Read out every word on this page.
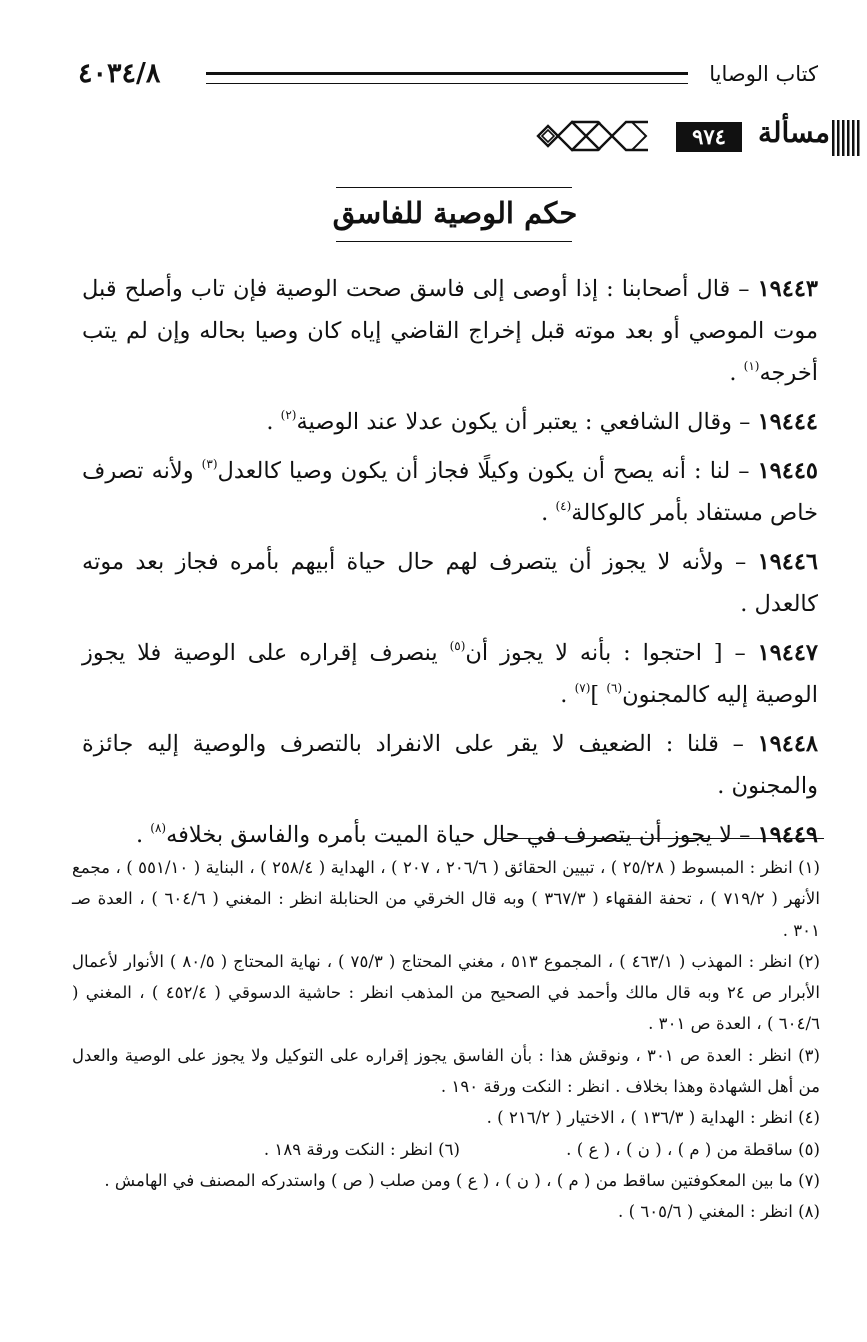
٤٠٣٤/٨	كتاب الوصايا
٩٧٤	مسألة
حكم الوصية للفاسق

١٩٤٤٣ – قال أصحابنا : إذا أوصى إلى فاسق صحت الوصية فإن تاب وأصلح قبل موت الموصي أو بعد موته قبل إخراج القاضي إياه كان وصيا بحاله وإن لم يتب أخرجه$^{(١)}$ .

١٩٤٤٤ – وقال الشافعي : يعتبر أن يكون عدلا عند الوصية$^{(٢)}$ .

١٩٤٤٥ – لنا : أنه يصح أن يكون وكيلًا فجاز أن يكون وصيا كالعدل$^{(٣)}$ ولأنه تصرف خاص مستفاد بأمر كالوكالة$^{(٤)}$ .

١٩٤٤٦ – ولأنه لا يجوز أن يتصرف لهم حال حياة أبيهم بأمره فجاز بعد موته كالعدل .

١٩٤٤٧ – [ احتجوا : بأنه لا يجوز أن$^{(٥)}$ ينصرف إقراره على الوصية فلا يجوز الوصية إليه كالمجنون$^{(٦)}$ ]$^{(٧)}$ .

١٩٤٤٨ – قلنا : الضعيف لا يقر على الانفراد بالتصرف والوصية إليه جائزة والمجنون .

١٩٤٤٩ – لا يجوز أن يتصرف في حال حياة الميت بأمره والفاسق بخلافه$^{(٨)}$ .

(١) انظر : المبسوط ( ٢٥/٢٨ ) ، تبيين الحقائق ( ٢٠٦/٦ ، ٢٠٧ ) ، الهداية ( ٢٥٨/٤ ) ، البناية ( ٥٥١/١٠ ) ، مجمع الأنهر ( ٧١٩/٢ ) ، تحفة الفقهاء ( ٣٦٧/٣ ) وبه قال الخرقي من الحنابلة انظر : المغني ( ٦٠٤/٦ ) ، العدة صـ ٣٠١ .

(٢) انظر : المهذب ( ٤٦٣/١ ) ، المجموع ٥١٣ ، مغني المحتاج ( ٧٥/٣ ) ، نهاية المحتاج ( ٨٠/٥ ) الأنوار لأعمال الأبرار ص ٢٤ وبه قال مالك وأحمد في الصحيح من المذهب انظر : حاشية الدسوقي ( ٤٥٢/٤ ) ، المغني ( ٦٠٤/٦ ) ، العدة ص ٣٠١ .

(٣) انظر : العدة ص ٣٠١ ، ونوقش هذا : بأن الفاسق يجوز إقراره على التوكيل ولا يجوز على الوصية والعدل من أهل الشهادة وهذا بخلاف . انظر : النكت ورقة ١٩٠ .

(٤) انظر : الهداية ( ١٣٦/٣ ) ، الاختيار ( ٢١٦/٢ ) .

(٥) ساقطة من ( م ) ، ( ن ) ، ( ع ) .
(٦) انظر : النكت ورقة ١٨٩ .

(٧) ما بين المعكوفتين ساقط من ( م ) ، ( ن ) ، ( ع ) ومن صلب ( ص ) واستدركه المصنف في الهامش .

(٨) انظر : المغني ( ٦٠٥/٦ ) .
